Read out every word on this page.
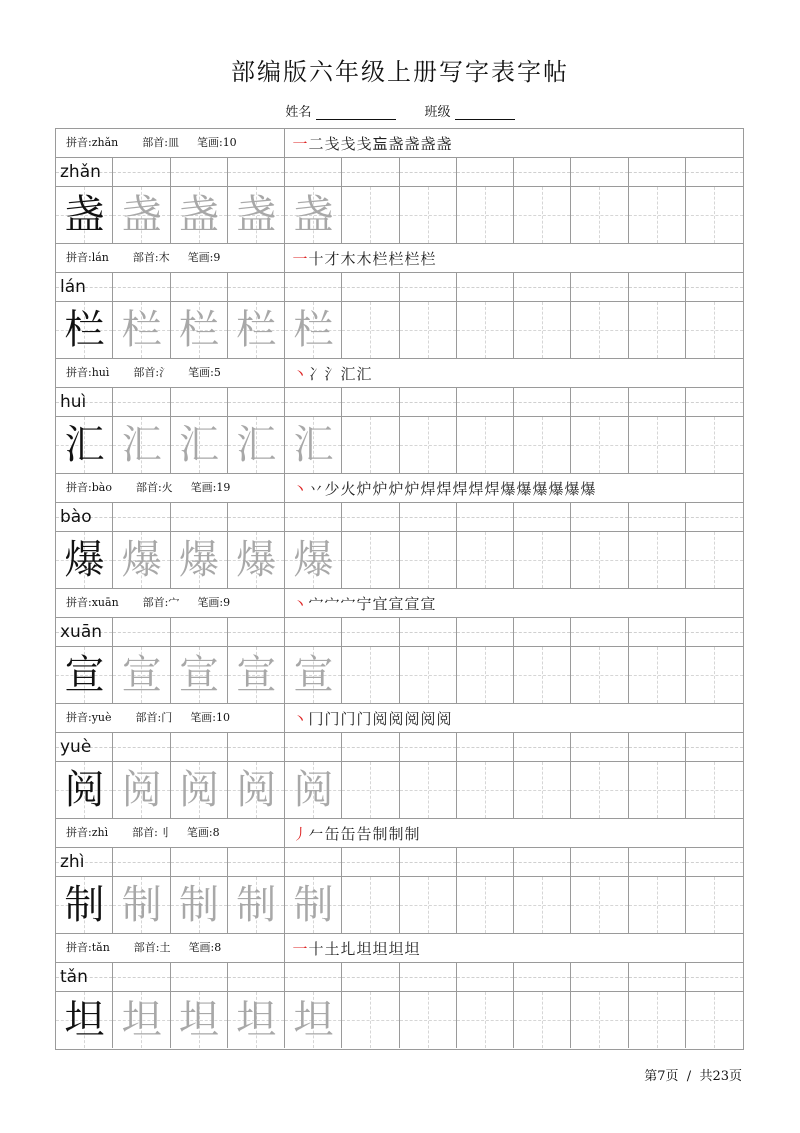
部编版六年级上册写字表字帖
姓名	班级
拼音:zhǎn 部首:皿 笔画:10	一二戋戋戋𥁃盏盏盏盏
zhǎn
盏 盏 盏 盏 盏
拼音:lán 部首:木 笔画:9	一十才木木栏栏栏栏
lán
栏 栏 栏 栏 栏
拼音:huì 部首:氵 笔画:5	丶冫氵汇汇
huì
汇 汇 汇 汇 汇
拼音:bào 部首:火 笔画:19	丶丷少火炉炉炉炉焊焊焊焊焊爆爆爆爆爆爆
bào
爆 爆 爆 爆 爆
拼音:xuān 部首:宀 笔画:9	丶宀宀宀宁宜宣宣宣
xuān
宣 宣 宣 宣 宣
拼音:yuè 部首:门 笔画:10	丶冂门门门阅阅阅阅阅
yuè
阅 阅 阅 阅 阅
拼音:zhì 部首:刂 笔画:8	丿𠂉缶缶告制制制
zhì
制 制 制 制 制
拼音:tǎn 部首:土 笔画:8	一十土圠坦坦坦坦
tǎn
坦 坦 坦 坦 坦
第7页 / 共23页
